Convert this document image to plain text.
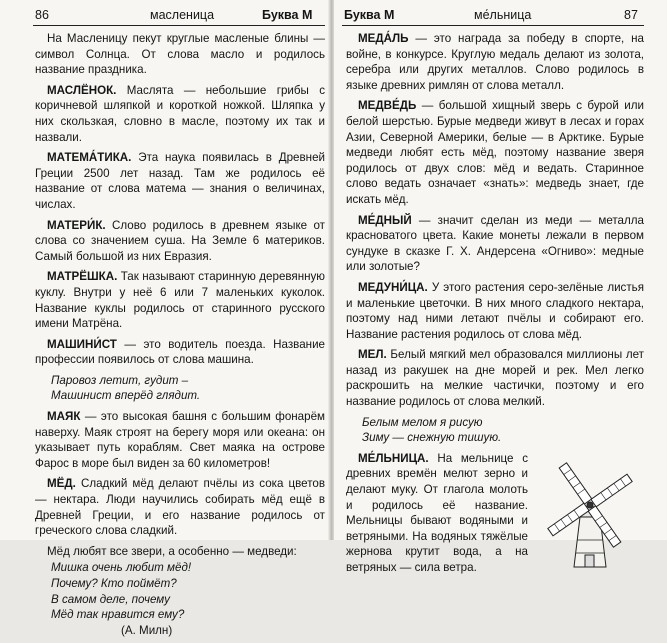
86	масленица	Буква М

На Масленицу пекут круглые масленые блины — символ Солнца. От слова масло и родилось название праздника.

МАСЛЁНОК. Маслята — небольшие грибы с коричневой шляпкой и короткой ножкой. Шляпка у них скользкая, словно в масле, поэтому их так и назвали.

МАТЕМА́ТИКА. Эта наука появилась в Древней Греции 2500 лет назад. Там же родилось её название от слова матема — знания о величинах, числах.

МАТЕРИ́К. Слово родилось в древнем языке от слова со значением суша. На Земле 6 материков. Самый большой из них Евразия.

МАТРЁШКА. Так называют старинную деревянную куклу. Внутри у неё 6 или 7 маленьких куколок. Название куклы родилось от старинного русского имени Матрёна.

МАШИНИ́СТ — это водитель поезда. Название профессии появилось от слова машина.

Паровоз летит, гудит –
Машинист вперёд глядит.

МАЯК — это высокая башня с большим фонарём наверху. Маяк строят на берегу моря или океана: он указывает путь кораблям. Свет маяка на острове Фарос в море был виден за 60 километров!

МЁД. Сладкий мёд делают пчёлы из сока цветов — нектара. Люди научились собирать мёд ещё в Древней Греции, и его название родилось от греческого слова сладкий.

Мёд любят все звери, а особенно — медведи:

Мишка очень любит мёд!
Почему? Кто поймёт?
В самом деле, почему
Мёд так нравится ему?
(А. Милн)
Буква М	ме́льница	87

МЕДА́ЛЬ — это награда за победу в спорте, на войне, в конкурсе. Круглую медаль делают из золота, серебра или других металлов. Слово родилось в языке древних римлян от слова металл.

МЕДВЕ́ДЬ — большой хищный зверь с бурой или белой шерстью. Бурые медведи живут в лесах и горах Азии, Северной Америки, белые — в Арктике. Бурые медведи любят есть мёд, поэтому название зверя родилось от двух слов: мёд и ведать. Старинное слово ведать означает «знать»: медведь знает, где искать мёд.

МЕ́ДНЫЙ — значит сделан из меди — металла красноватого цвета. Какие монеты лежали в первом сундуке в сказке Г. Х. Андерсена «Огниво»: медные или золотые?

МЕДУНИ́ЦА. У этого растения серо-зелёные листья и маленькие цветочки. В них много сладкого нектара, поэтому над ними летают пчёлы и собирают его. Название растения родилось от слова мёд.

МЕЛ. Белый мягкий мел образовался миллионы лет назад из ракушек на дне морей и рек. Мел легко раскрошить на мелкие частички, поэтому и его название родилось от слова мелкий.

Белым мелом я рисую
Зиму — снежную тишую.

МЕ́ЛЬНИЦА. На мельнице с древних времён мелют зерно и делают муку. От глагола молоть и родилось её название. Мельницы бывают водяными и ветряными. На водяных тяжёлые жернова крутит вода, а на ветряных — сила ветра.
